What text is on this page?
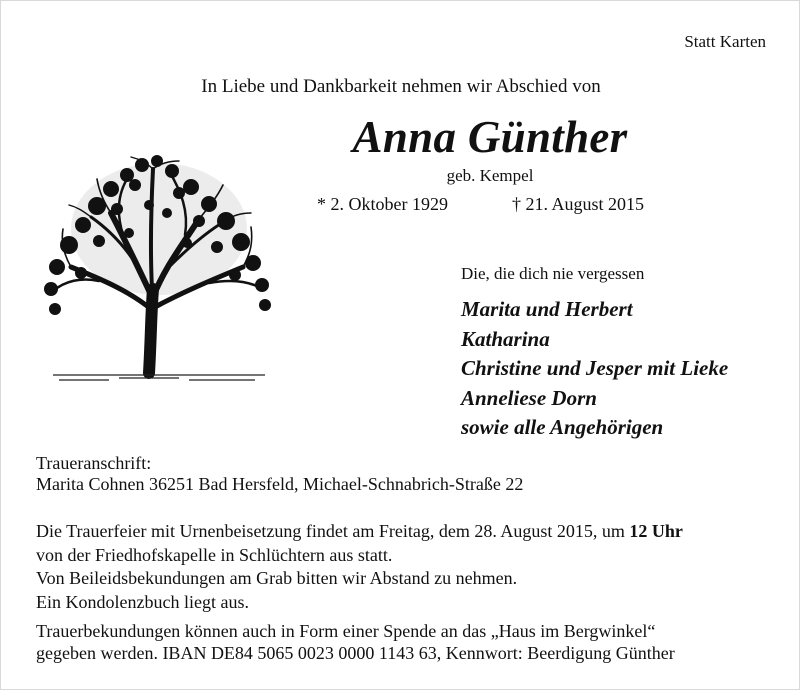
Statt Karten
In Liebe und Dankbarkeit nehmen wir Abschied von
Anna Günther
geb. Kempel
* 2. Oktober 1929	† 21. August 2015
Die, die dich nie vergessen
Marita und Herbert
Katharina
Christine und Jesper mit Lieke
Anneliese Dorn
sowie alle Angehörigen
Traueranschrift:
Marita Cohnen 36251 Bad Hersfeld, Michael-Schnabrich-Straße 22
Die Trauerfeier mit Urnenbeisetzung findet am Freitag, dem 28. August 2015, um 12 Uhr
von der Friedhofskapelle in Schlüchtern aus statt.
Von Beileidsbekundungen am Grab bitten wir Abstand zu nehmen.
Ein Kondolenzbuch liegt aus.
Trauerbekundungen können auch in Form einer Spende an das „Haus im Bergwinkel“
gegeben werden. IBAN DE84 5065 0023 0000 1143 63, Kennwort: Beerdigung Günther
